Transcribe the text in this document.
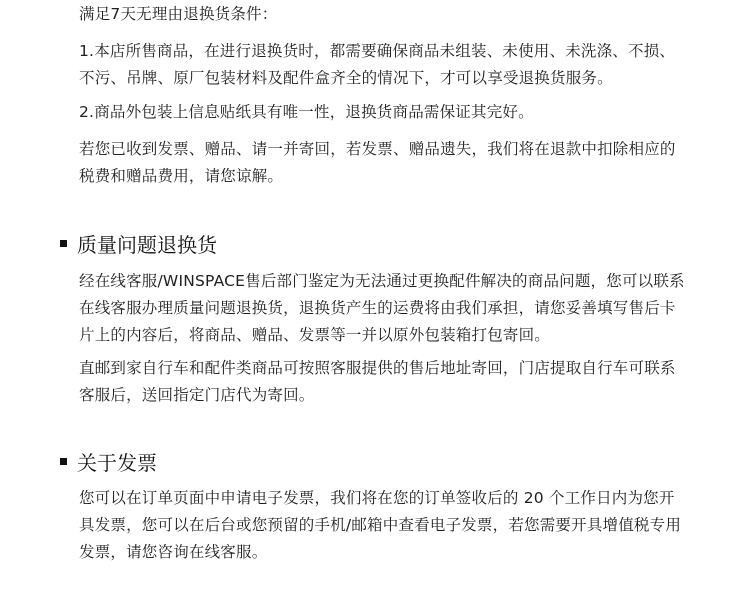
满足7天无理由退换货条件：

1.本店所售商品，在进行退换货时，都需要确保商品未组装、未使用、未洗涤、不损、不污、吊牌、原厂包装材料及配件盒齐全的情况下，才可以享受退换货服务。

2.商品外包装上信息贴纸具有唯一性，退换货商品需保证其完好。

若您已收到发票、赠品、请一并寄回，若发票、赠品遗失，我们将在退款中扣除相应的税费和赠品费用，请您谅解。

质量问题退换货

经在线客服/WINSPACE售后部门鉴定为无法通过更换配件解决的商品问题，您可以联系在线客服办理质量问题退换货，退换货产生的运费将由我们承担，请您妥善填写售后卡片上的内容后，将商品、赠品、发票等一并以原外包装箱打包寄回。

直邮到家自行车和配件类商品可按照客服提供的售后地址寄回，门店提取自行车可联系客服后，送回指定门店代为寄回。

关于发票

您可以在订单页面中申请电子发票，我们将在您的订单签收后的 20 个工作日内为您开具发票，您可以在后台或您预留的手机/邮箱中查看电子发票，若您需要开具增值税专用发票，请您咨询在线客服。
